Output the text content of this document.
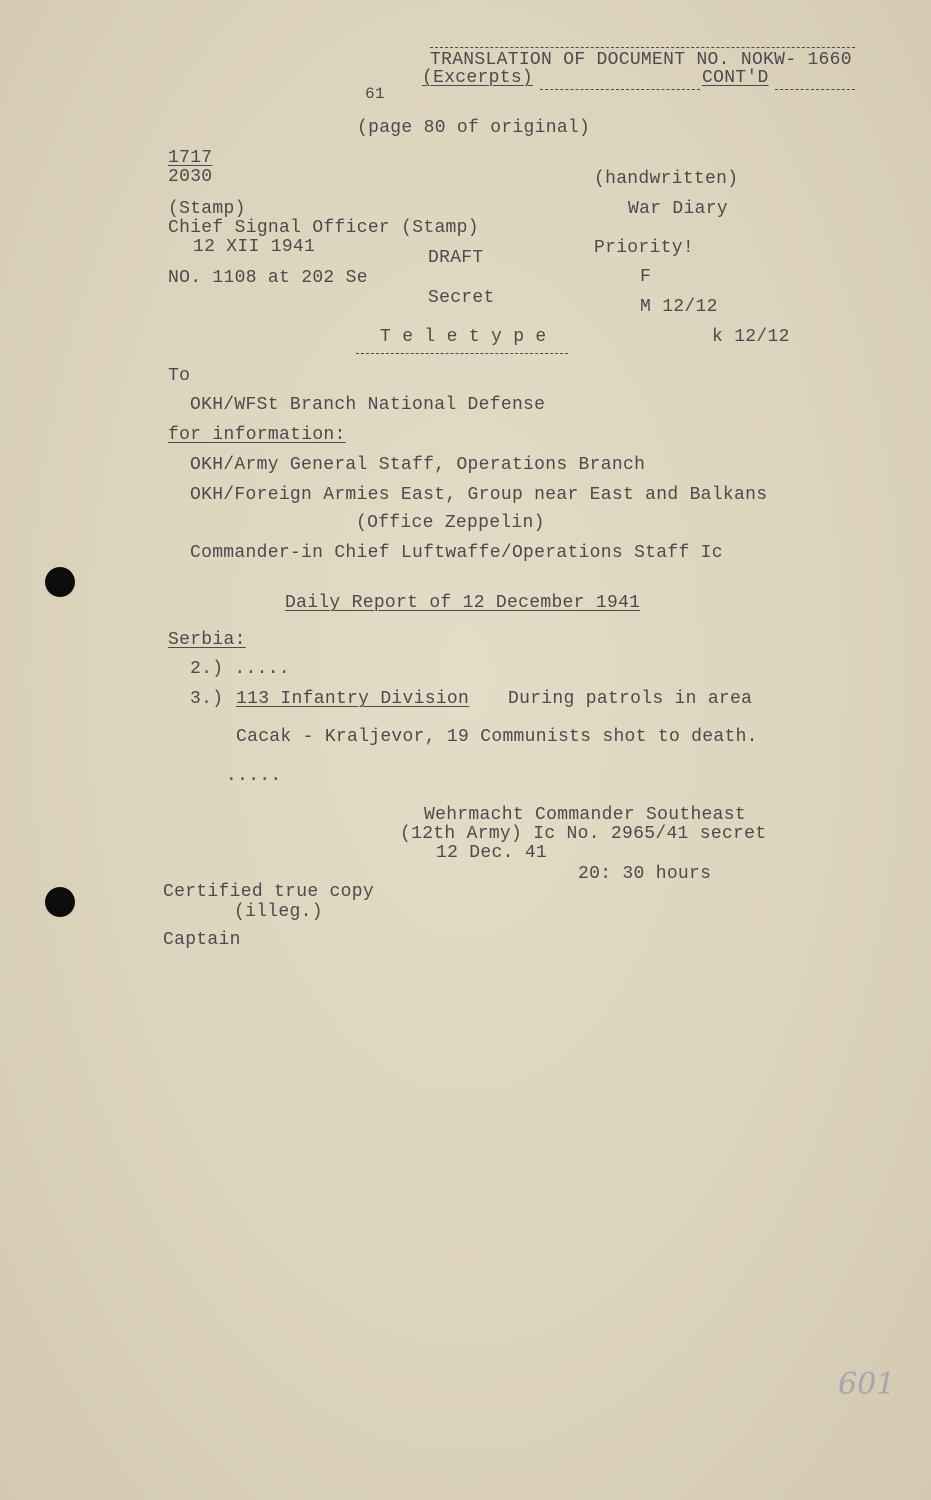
TRANSLATION OF DOCUMENT NO. NOKW- 1660
(Excerpts)	CONT'D
61
(page 80 of original)
1717
2030
(Stamp)
Chief Signal Officer (Stamp)
12 XII 1941
NO. 1108 at 202 Se
DRAFT
Secret
T e l e t y p e
(handwritten)
War Diary
Priority!
F
M 12/12
k 12/12
To
OKH/WFSt Branch National Defense
for information:
OKH/Army General Staff, Operations Branch
OKH/Foreign Armies East, Group near East and Balkans
(Office Zeppelin)
Commander-in Chief Luftwaffe/Operations Staff Ic
Daily Report of 12 December 1941
Serbia:
2.) .....
3.) 113 Infantry Division During patrols in area
Cacak - Kraljevor, 19 Communists shot to death.
.....
Wehrmacht Commander Southeast
(12th Army) Ic No. 2965/41 secret
12 Dec. 41
20: 30 hours
Certified true copy
(illeg.)
Captain
601
